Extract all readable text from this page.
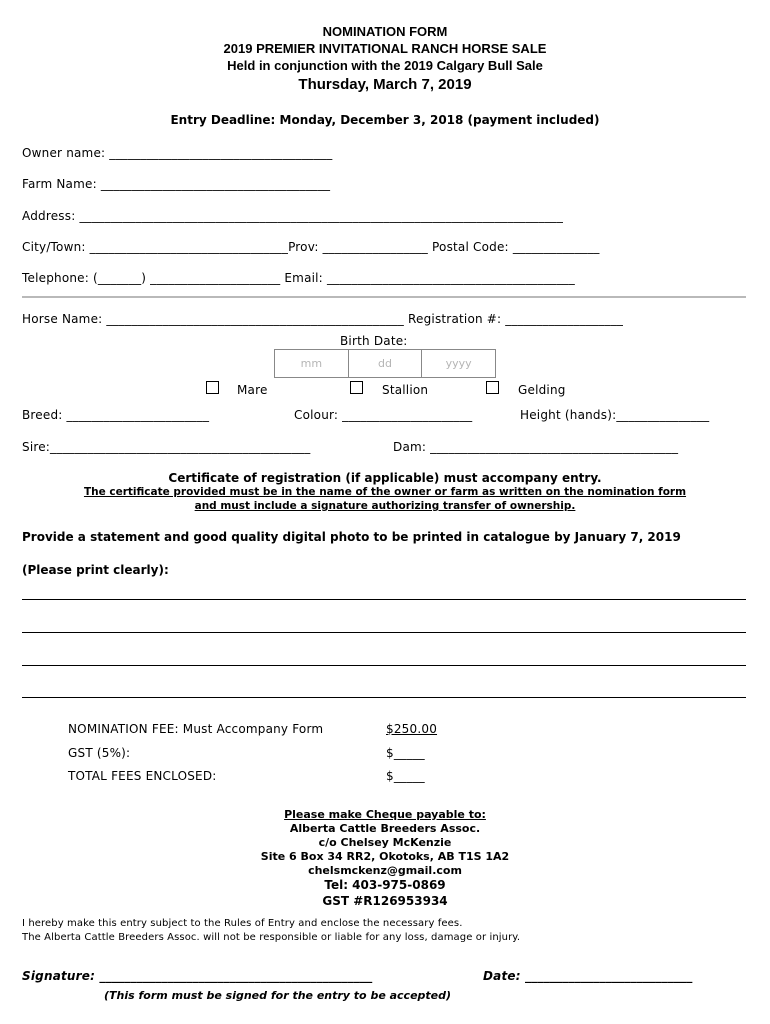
NOMINATION FORM
2019 PREMIER INVITATIONAL RANCH HORSE SALE
Held in conjunction with the 2019 Calgary Bull Sale
Thursday, March 7, 2019
Entry Deadline: Monday, December 3, 2018 (payment included)
Owner name: ____________________________________
Farm Name: _____________________________________
Address: ______________________________________________________________________________
City/Town: ________________________________Prov: _________________ Postal Code: ______________
Telephone: (_______) _____________________ Email: ________________________________________
Horse Name: ________________________________________________ Registration #: ___________________
Birth Date:
mm	dd	yyyy
Mare	Stallion	Gelding
Breed: _______________________	Colour: _____________________	Height (hands):_______________
Sire:__________________________________________	Dam: ________________________________________
Certificate of registration (if applicable) must accompany entry.
The certificate provided must be in the name of the owner or farm as written on the nomination form
and must include a signature authorizing transfer of ownership.
Provide a statement and good quality digital photo to be printed in catalogue by January 7, 2019
(Please print clearly):
NOMINATION FEE: Must Accompany Form	$250.00
GST (5%):	$_____
TOTAL FEES ENCLOSED:	$_____
Please make Cheque payable to:
Alberta Cattle Breeders Assoc.
c/o Chelsey McKenzie
Site 6 Box 34 RR2, Okotoks, AB T1S 1A2
chelsmckenz@gmail.com
Tel: 403-975-0869
GST #R126953934
I hereby make this entry subject to the Rules of Entry and enclose the necessary fees.
The Alberta Cattle Breeders Assoc. will not be responsible or liable for any loss, damage or injury.
Signature: ____________________________________________	Date: ___________________________
(This form must be signed for the entry to be accepted)
